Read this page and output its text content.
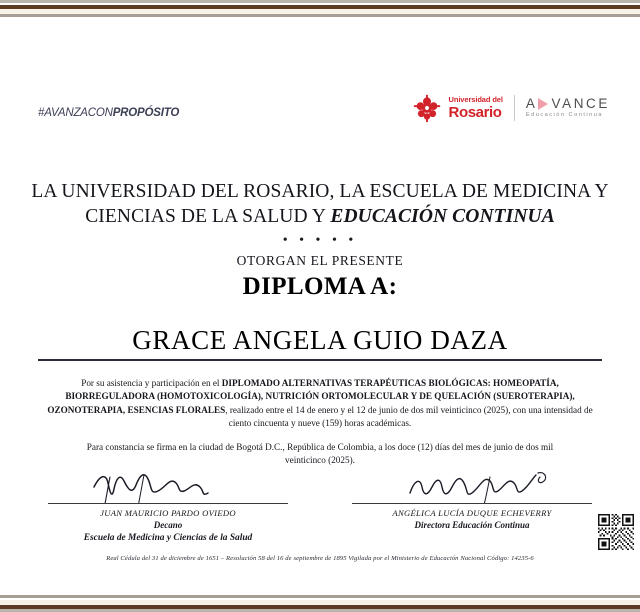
#AVANZACONPROPÓSITO
Universidad del
Rosario
A VANCE
Educación Continua
LA UNIVERSIDAD DEL ROSARIO, LA ESCUELA DE MEDICINA Y
CIENCIAS DE LA SALUD Y EDUCACIÓN CONTINUA
• • • • •
OTORGAN EL PRESENTE
DIPLOMA A:
GRACE ANGELA GUIO DAZA
Por su asistencia y participación en el DIPLOMADO ALTERNATIVAS TERAPÉUTICAS BIOLÓGICAS: HOMEOPATÍA, BIORREGULADORA (HOMOTOXICOLOGÍA), NUTRICIÓN ORTOMOLECULAR Y DE QUELACIÓN (SUEROTERAPIA), OZONOTERAPIA, ESENCIAS FLORALES, realizado entre el 14 de enero y el 12 de junio de dos mil veinticinco (2025), con una intensidad de ciento cincuenta y nueve (159) horas académicas.
Para constancia se firma en la ciudad de Bogotá D.C., República de Colombia, a los doce (12) días del mes de junio de dos mil veinticinco (2025).
JUAN MAURICIO PARDO OVIEDO
Decano
Escuela de Medicina y Ciencias de la Salud
ANGÉLICA LUCÍA DUQUE ECHEVERRY
Directora Educación Continua
Real Cédula del 31 de diciembre de 1651 – Resolución 58 del 16 de septiembre de 1895 Vigilada por el Ministerio de Educación Nacional Código: 14235-6
